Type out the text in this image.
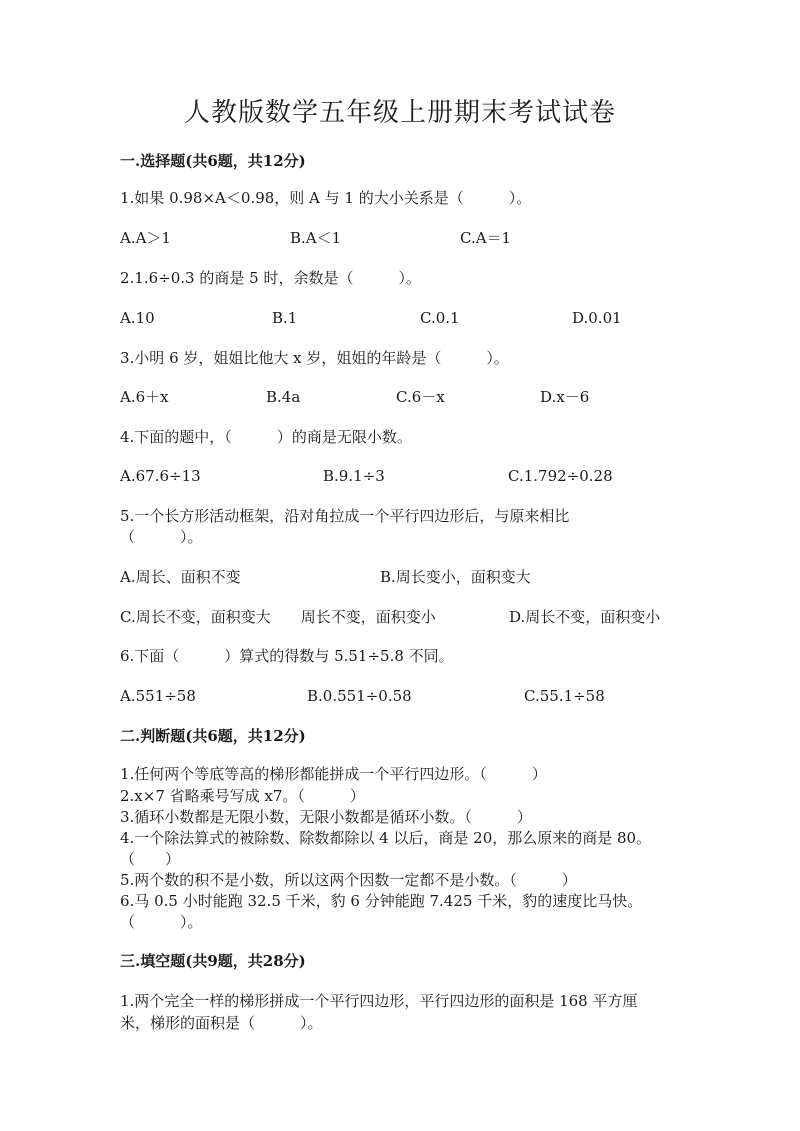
人教版数学五年级上册期末考试试卷
一.选择题(共6题，共12分)
1.如果 0.98×A＜0.98，则 A 与 1 的大小关系是（　　　）。
A.A＞1	B.A＜1	C.A＝1
2.1.6÷0.3 的商是 5 时，余数是（　　　）。
A.10	B.1	C.0.1	D.0.01
3.小明 6 岁，姐姐比他大 x 岁，姐姐的年龄是（　　　）。
A.6＋x	B.4a	C.6－x	D.x－6
4.下面的题中，（　　　）的商是无限小数。
A.67.6÷13	B.9.1÷3	C.1.792÷0.28
5.一个长方形活动框架，沿对角拉成一个平行四边形后，与原来相比
（　　　）。
A.周长、面积不变	B.周长变小，面积变大
C.周长不变，面积变大　　周长不变，面积变小	D.周长不变，面积变小
6.下面（　　　）算式的得数与 5.51÷5.8 不同。
A.551÷58	B.0.551÷0.58	C.55.1÷58
二.判断题(共6题，共12分)
1.任何两个等底等高的梯形都能拼成一个平行四边形。（　　　）
2.x×7 省略乘号写成 x7。（　　　）
3.循环小数都是无限小数，无限小数都是循环小数。（　　　）
4.一个除法算式的被除数、除数都除以 4 以后，商是 20，那么原来的商是 80。
（　　）
5.两个数的积不是小数，所以这两个因数一定都不是小数。（　　　）
6.马 0.5 小时能跑 32.5 千米，豹 6 分钟能跑 7.425 千米，豹的速度比马快。
（　　　）。
三.填空题(共9题，共28分)
1.两个完全一样的梯形拼成一个平行四边形，平行四边形的面积是 168 平方厘
米，梯形的面积是（　　　）。
